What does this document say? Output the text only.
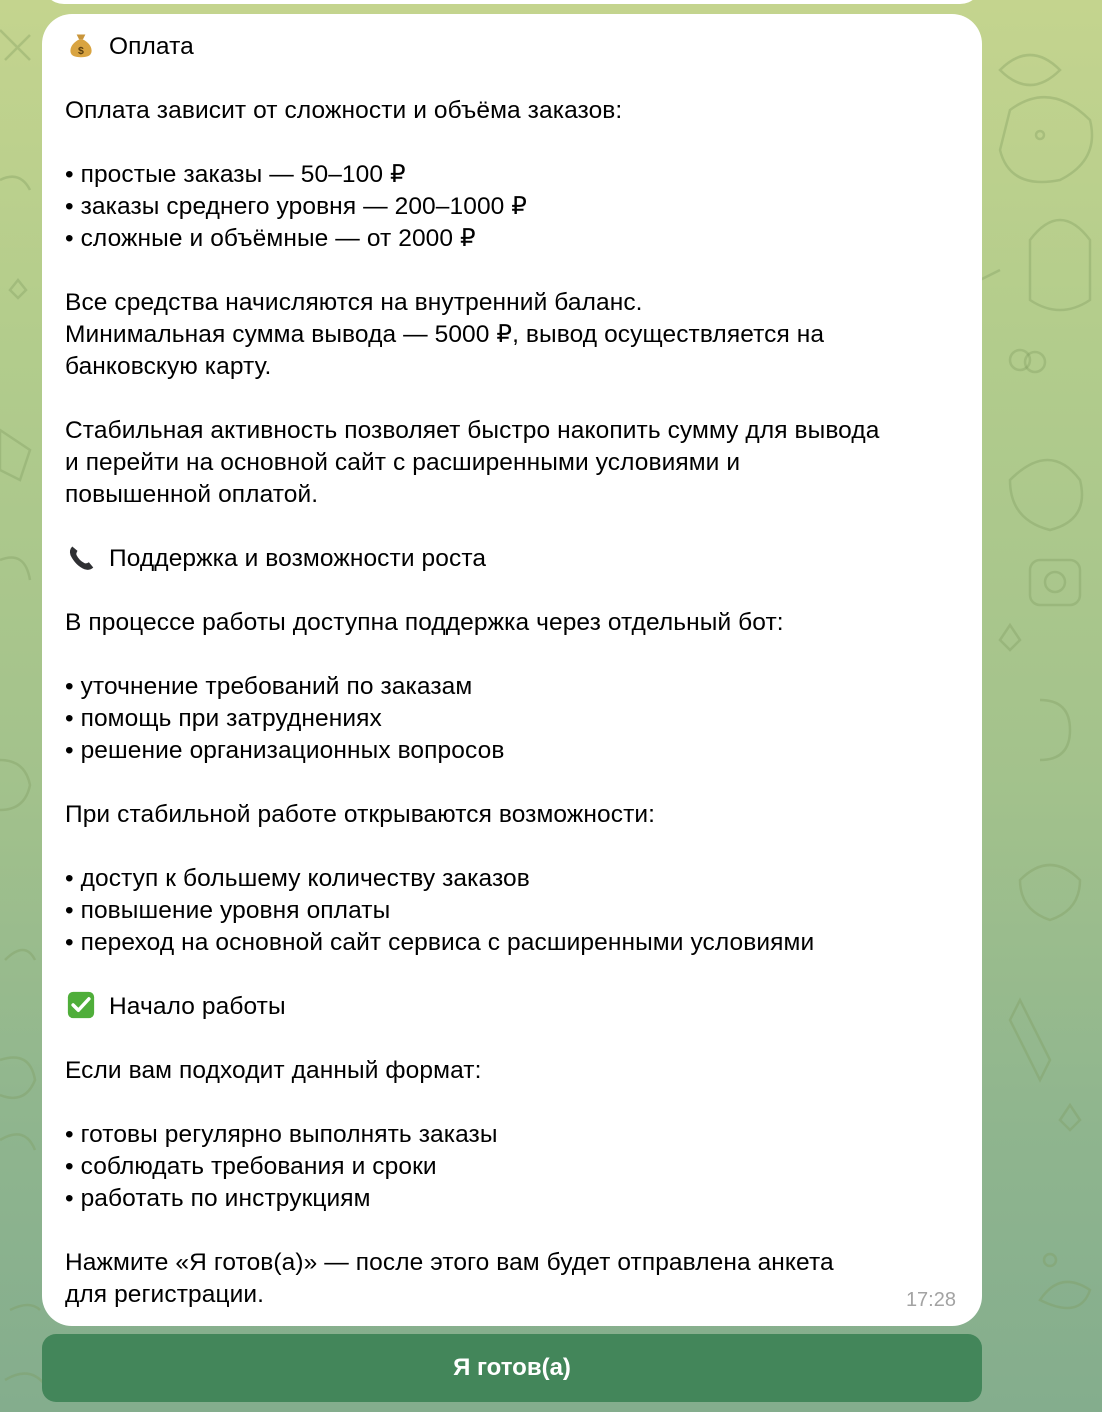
$ Оплата
Оплата зависит от сложности и объёма заказов:
• простые заказы — 50–100 ₽
• заказы среднего уровня — 200–1000 ₽
• сложные и объёмные — от 2000 ₽
Все средства начисляются на внутренний баланс.
Минимальная сумма вывода — 5000 ₽, вывод осуществляется на
банковскую карту.
Стабильная активность позволяет быстро накопить сумму для вывода
и перейти на основной сайт с расширенными условиями и
повышенной оплатой.
Поддержка и возможности роста
В процессе работы доступна поддержка через отдельный бот:
• уточнение требований по заказам
• помощь при затруднениях
• решение организационных вопросов
При стабильной работе открываются возможности:
• доступ к большему количеству заказов
• повышение уровня оплаты
• переход на основной сайт сервиса с расширенными условиями
Начало работы
Если вам подходит данный формат:
• готовы регулярно выполнять заказы
• соблюдать требования и сроки
• работать по инструкциям
Нажмите «Я готов(а)» — после этого вам будет отправлена анкета
для регистрации.	17:28
Я готов(а)
